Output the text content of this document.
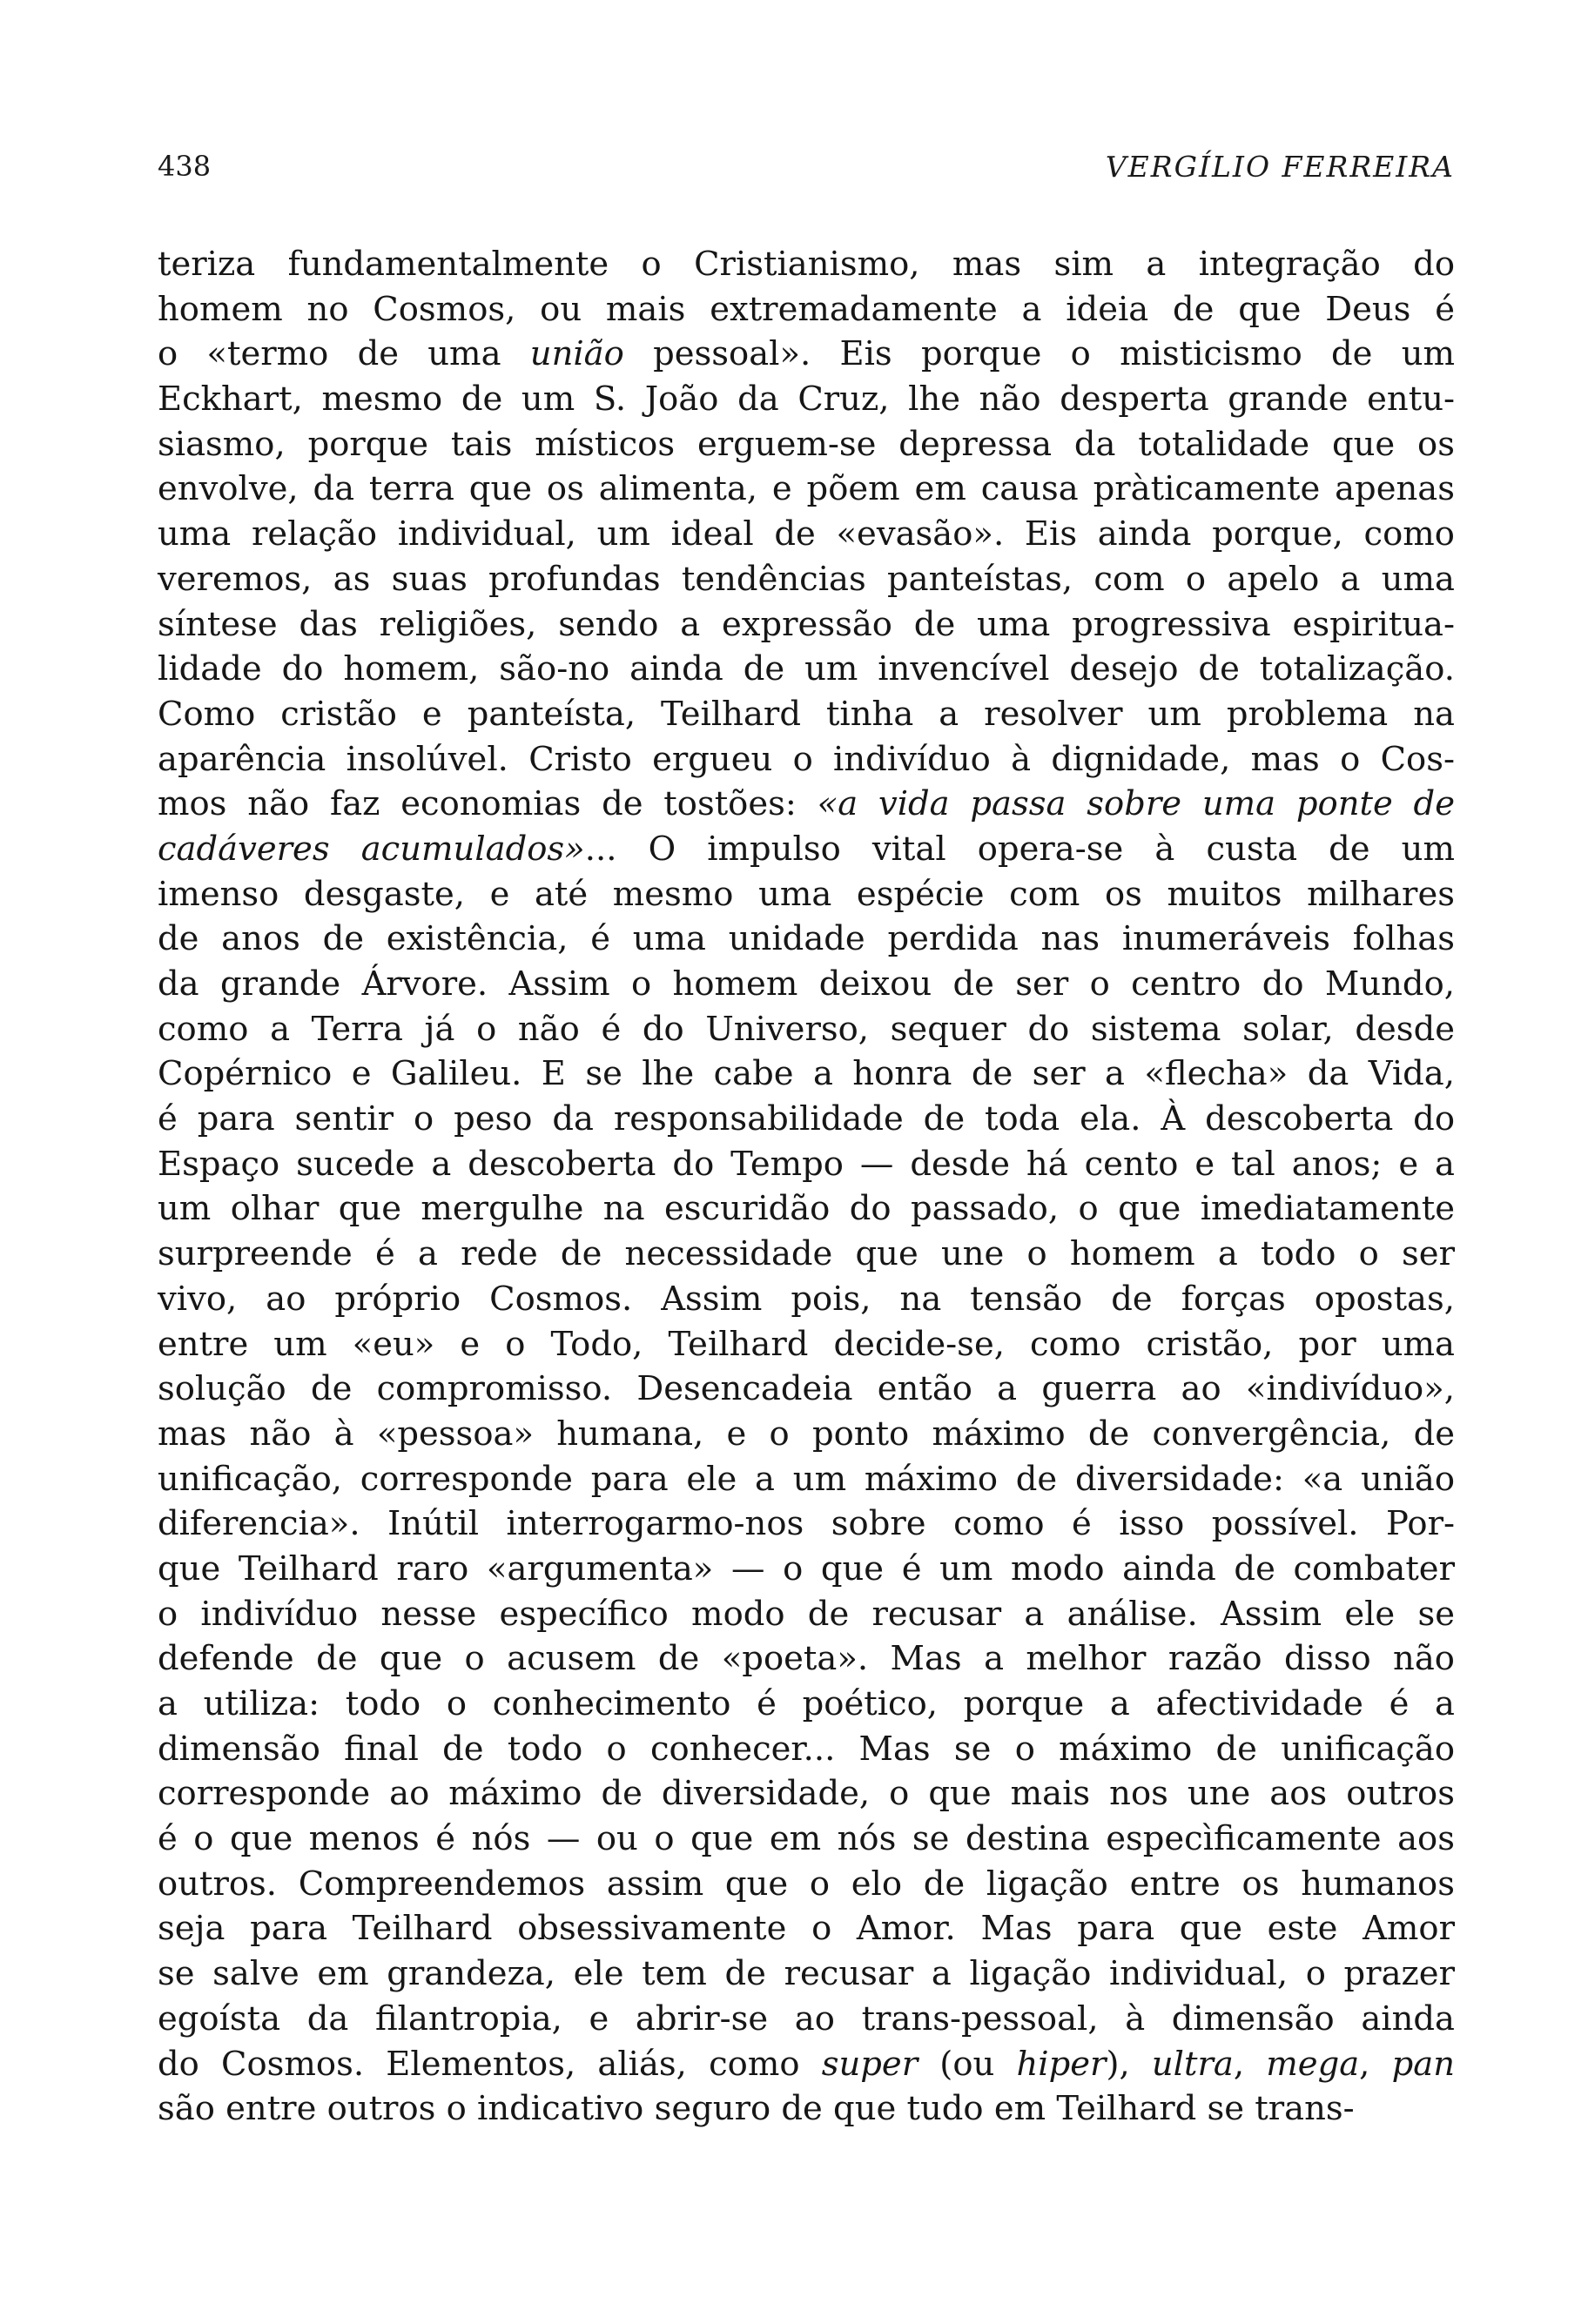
438	VERGÍLIO FERREIRA
teriza fundamentalmente o Cristianismo, mas sim a integração do
homem no Cosmos, ou mais extremadamente a ideia de que Deus é
o «termo de uma união pessoal». Eis porque o misticismo de um
Eckhart, mesmo de um S. João da Cruz, lhe não desperta grande entu-
siasmo, porque tais místicos erguem-se depressa da totalidade que os
envolve, da terra que os alimenta, e põem em causa pràticamente apenas
uma relação individual, um ideal de «evasão». Eis ainda porque, como
veremos, as suas profundas tendências panteístas, com o apelo a uma
síntese das religiões, sendo a expressão de uma progressiva espiritua-
lidade do homem, são-no ainda de um invencível desejo de totalização.
Como cristão e panteísta, Teilhard tinha a resolver um problema na
aparência insolúvel. Cristo ergueu o indivíduo à dignidade, mas o Cos-
mos não faz economias de tostões: «a vida passa sobre uma ponte de
cadáveres acumulados»... O impulso vital opera-se à custa de um
imenso desgaste, e até mesmo uma espécie com os muitos milhares
de anos de existência, é uma unidade perdida nas inumeráveis folhas
da grande Árvore. Assim o homem deixou de ser o centro do Mundo,
como a Terra já o não é do Universo, sequer do sistema solar, desde
Copérnico e Galileu. E se lhe cabe a honra de ser a «flecha» da Vida,
é para sentir o peso da responsabilidade de toda ela. À descoberta do
Espaço sucede a descoberta do Tempo — desde há cento e tal anos; e a
um olhar que mergulhe na escuridão do passado, o que imediatamente
surpreende é a rede de necessidade que une o homem a todo o ser
vivo, ao próprio Cosmos. Assim pois, na tensão de forças opostas,
entre um «eu» e o Todo, Teilhard decide-se, como cristão, por uma
solução de compromisso. Desencadeia então a guerra ao «indivíduo»,
mas não à «pessoa» humana, e o ponto máximo de convergência, de
unificação, corresponde para ele a um máximo de diversidade: «a união
diferencia». Inútil interrogarmo-nos sobre como é isso possível. Por-
que Teilhard raro «argumenta» — o que é um modo ainda de combater
o indivíduo nesse específico modo de recusar a análise. Assim ele se
defende de que o acusem de «poeta». Mas a melhor razão disso não
a utiliza: todo o conhecimento é poético, porque a afectividade é a
dimensão final de todo o conhecer... Mas se o máximo de unificação
corresponde ao máximo de diversidade, o que mais nos une aos outros
é o que menos é nós — ou o que em nós se destina especìficamente aos
outros. Compreendemos assim que o elo de ligação entre os humanos
seja para Teilhard obsessivamente o Amor. Mas para que este Amor
se salve em grandeza, ele tem de recusar a ligação individual, o prazer
egoísta da filantropia, e abrir-se ao trans-pessoal, à dimensão ainda
do Cosmos. Elementos, aliás, como super (ou hiper), ultra, mega, pan
são entre outros o indicativo seguro de que tudo em Teilhard se trans-
